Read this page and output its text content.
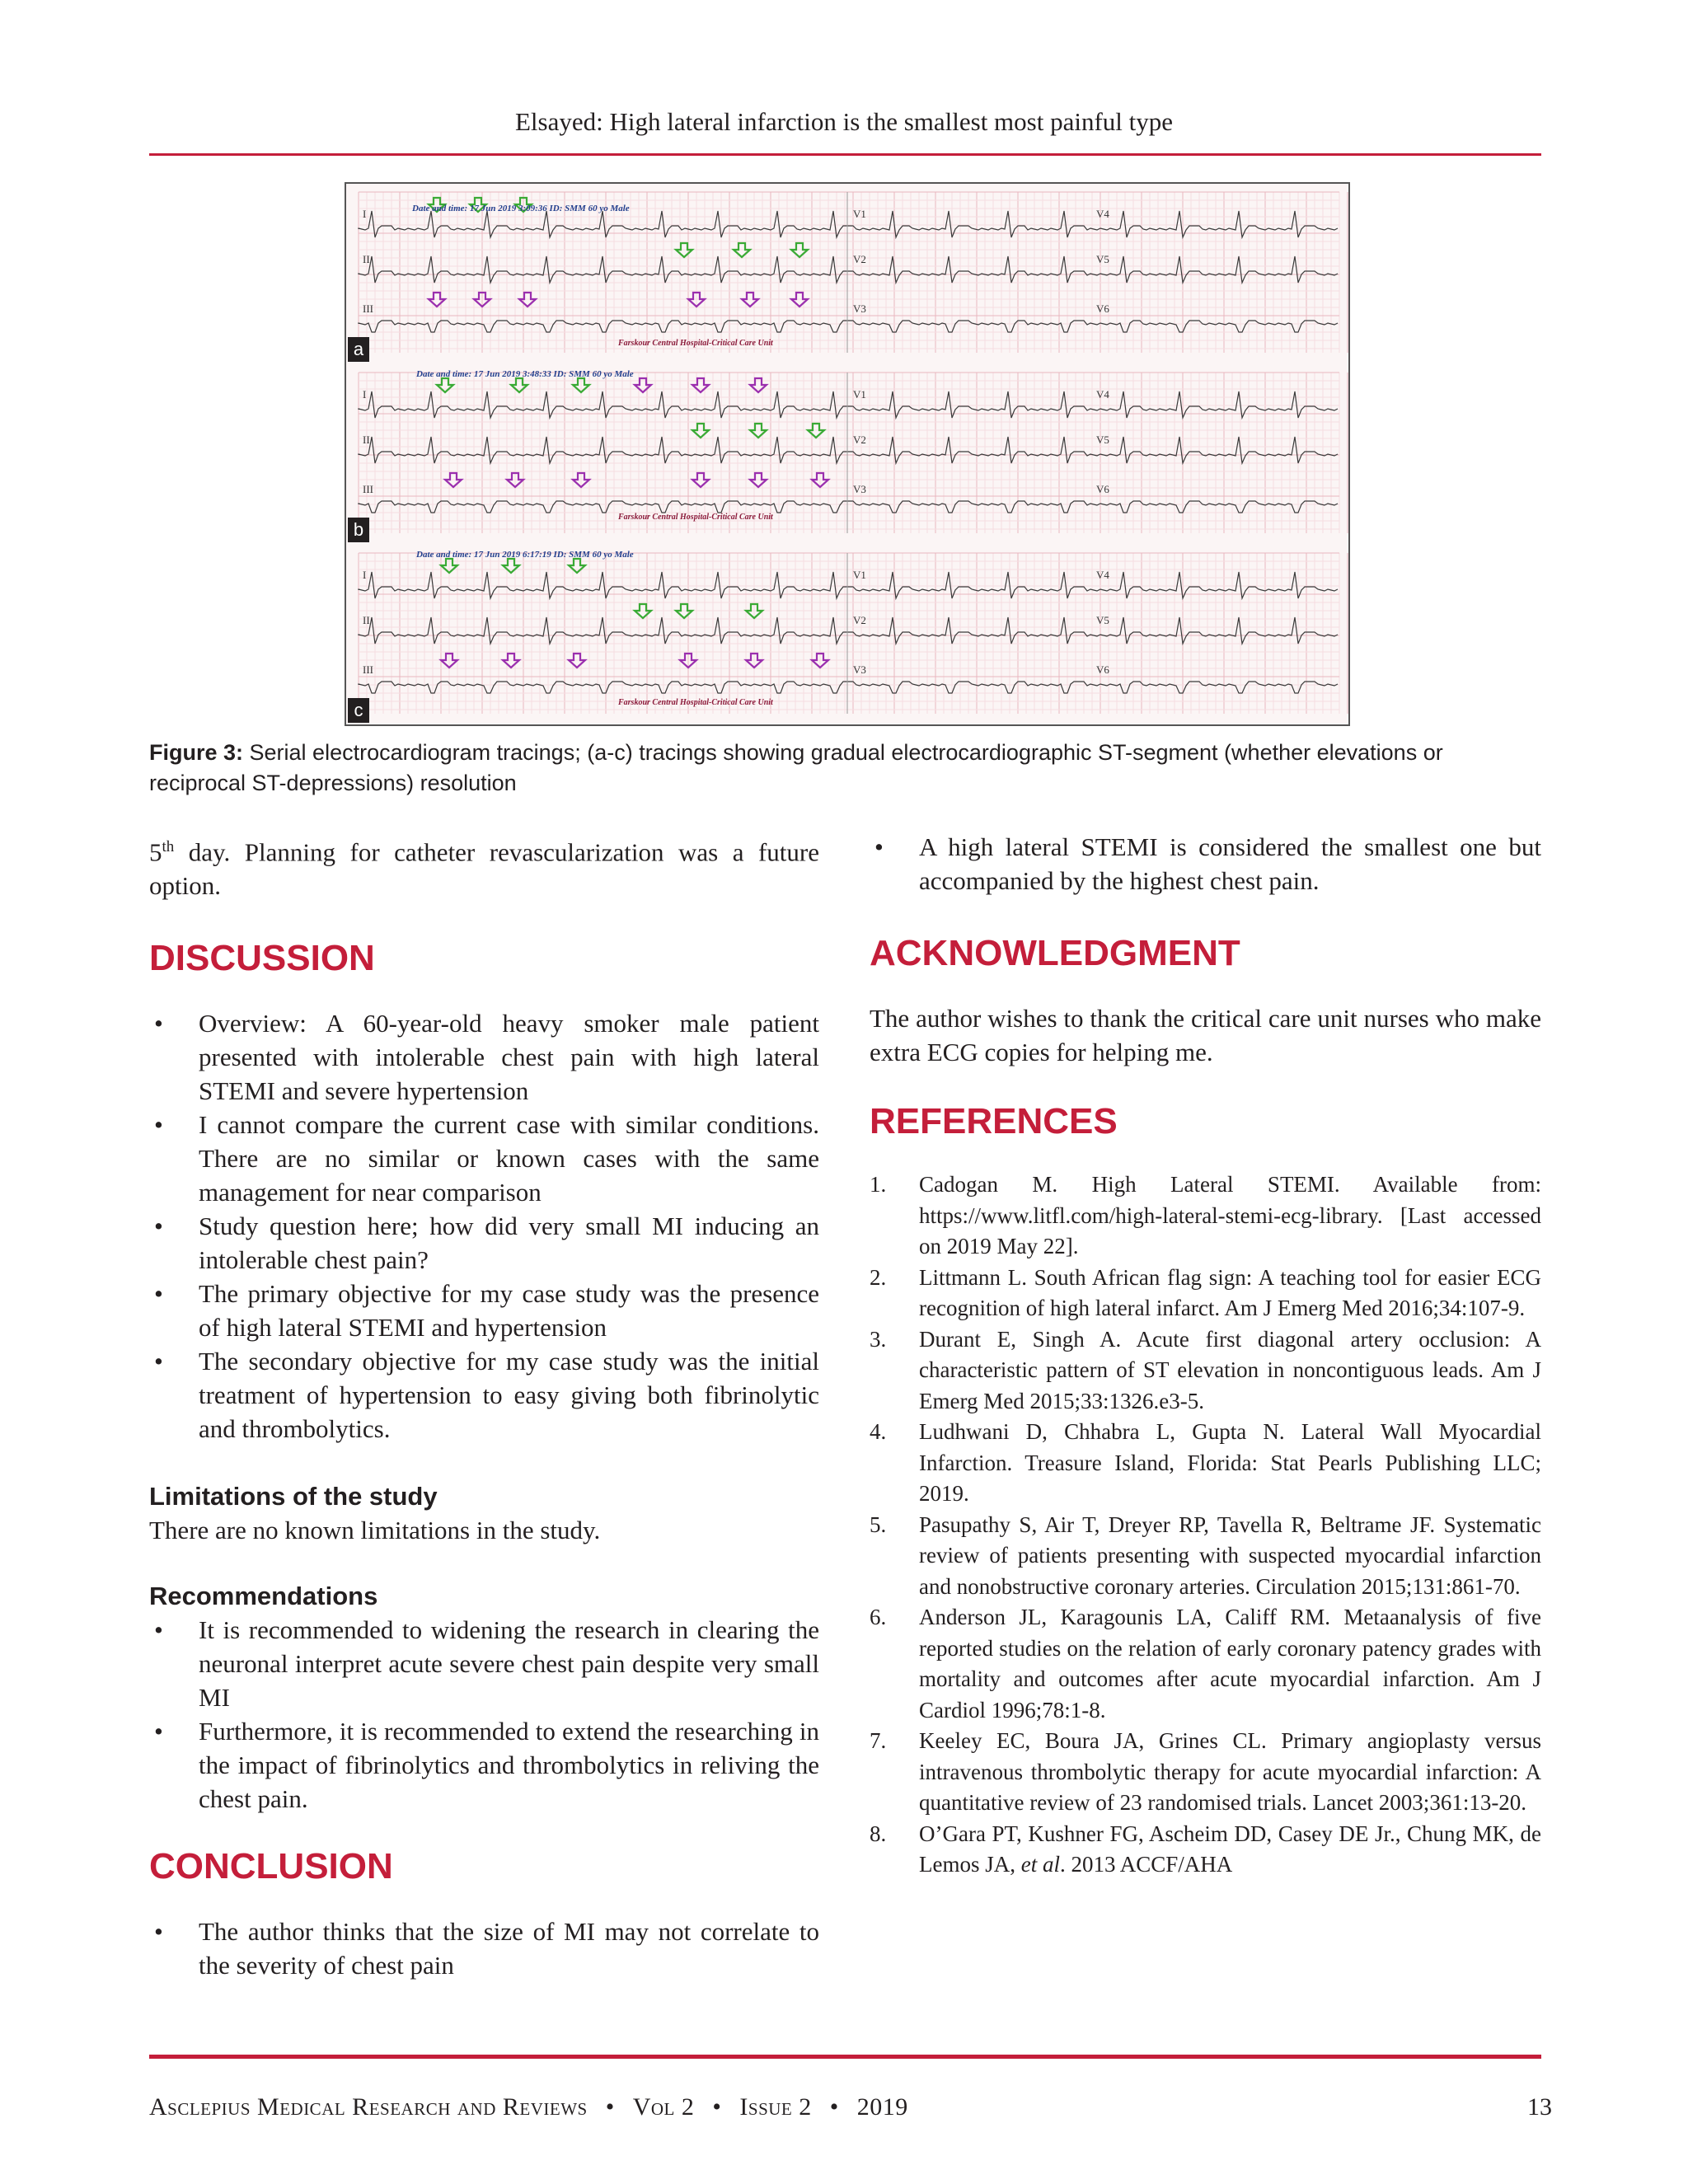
Elsayed: High lateral infarction is the smallest most painful type
I
II
III
V1
V2
V3
V4
V5
V6
Date and time: 17 Jun 2019 3:09:36 ID: SMM 60 yo Male
Farskour Central Hospital-Critical Care Unit
a
I
II
III
V1
V2
V3
V4
V5
V6
Date and time: 17 Jun 2019 3:48:33 ID: SMM 60 yo Male
Farskour Central Hospital-Critical Care Unit
b
I
II
III
V1
V2
V3
V4
V5
V6
Date and time: 17 Jun 2019 6:17:19 ID: SMM 60 yo Male
Farskour Central Hospital-Critical Care Unit
c
Figure 3: Serial electrocardiogram tracings; (a-c) tracings showing gradual electrocardiographic ST-segment (whether elevations or reciprocal ST-depressions) resolution

5th day. Planning for catheter revascularization was a future option.

DISCUSSION
• Overview: A 60-year-old heavy smoker male patient presented with intolerable chest pain with high lateral STEMI and severe hypertension
• I cannot compare the current case with similar conditions. There are no similar or known cases with the same management for near comparison
• Study question here; how did very small MI inducing an intolerable chest pain?
• The primary objective for my case study was the presence of high lateral STEMI and hypertension
• The secondary objective for my case study was the initial treatment of hypertension to easy giving both fibrinolytic and thrombolytics.
Limitations of the study

There are no known limitations in the study.

Recommendations
• It is recommended to widening the research in clearing the neuronal interpret acute severe chest pain despite very small MI
• Furthermore, it is recommended to extend the researching in the impact of fibrinolytics and thrombolytics in reliving the chest pain.
CONCLUSION
• The author thinks that the size of MI may not correlate to the severity of chest pain
• A high lateral STEMI is considered the smallest one but accompanied by the highest chest pain.
ACKNOWLEDGMENT

The author wishes to thank the critical care unit nurses who make extra ECG copies for helping me.

REFERENCES
1. Cadogan M. High Lateral STEMI. Available from: https://www.litfl.com/high-lateral-stemi-ecg-library. [Last accessed on 2019 May 22].
2. Littmann L. South African flag sign: A teaching tool for easier ECG recognition of high lateral infarct. Am J Emerg Med 2016;34:107-9.
3. Durant E, Singh A. Acute first diagonal artery occlusion: A characteristic pattern of ST elevation in noncontiguous leads. Am J Emerg Med 2015;33:1326.e3-5.
4. Ludhwani D, Chhabra L, Gupta N. Lateral Wall Myocardial Infarction. Treasure Island, Florida: Stat Pearls Publishing LLC; 2019.
5. Pasupathy S, Air T, Dreyer RP, Tavella R, Beltrame JF. Systematic review of patients presenting with suspected myocardial infarction and nonobstructive coronary arteries. Circulation 2015;131:861-70.
6. Anderson JL, Karagounis LA, Califf RM. Metaanalysis of five reported studies on the relation of early coronary patency grades with mortality and outcomes after acute myocardial infarction. Am J Cardiol 1996;78:1-8.
7. Keeley EC, Boura JA, Grines CL. Primary angioplasty versus intravenous thrombolytic therapy for acute myocardial infarction: A quantitative review of 23 randomised trials. Lancet 2003;361:13-20.
8. O’Gara PT, Kushner FG, Ascheim DD, Casey DE Jr., Chung MK, de Lemos JA, et al. 2013 ACCF/AHA
Asclepius Medical Research and Reviews • Vol 2 • Issue 2 • 2019	13
